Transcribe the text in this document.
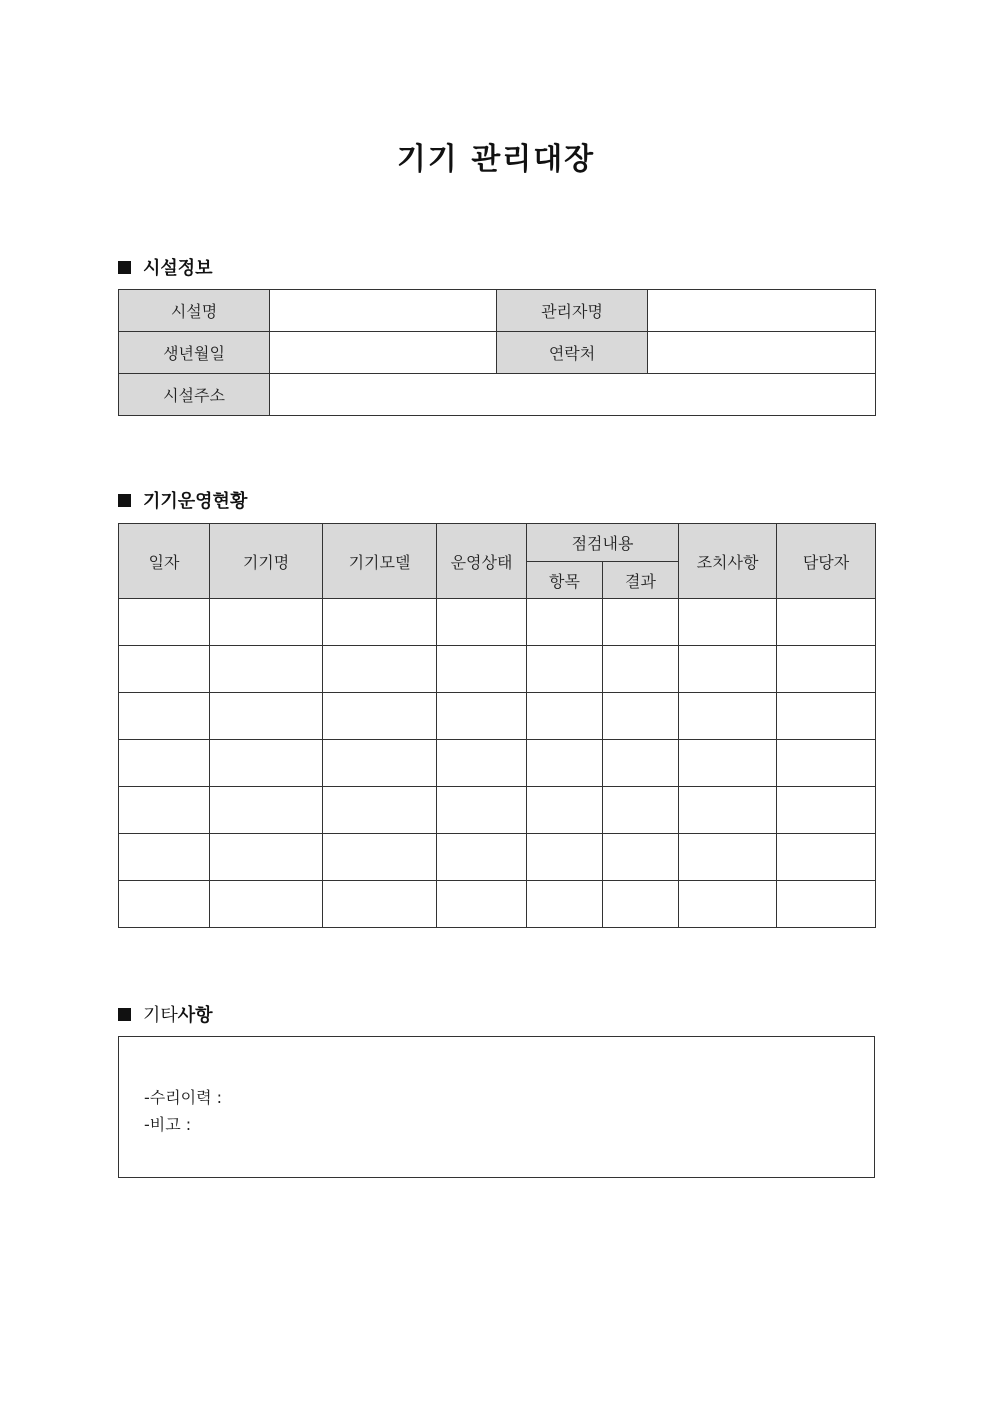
기기 관리대장
시설정보
시설명		관리자명	
생년월일		연락처	
시설주소			
기기운영현황
일자	기기명	기기모델	운영상태	점검내용		조치사항	담당자
				항목	결과		

기타 사항
-수리이력 :
-비고 :
